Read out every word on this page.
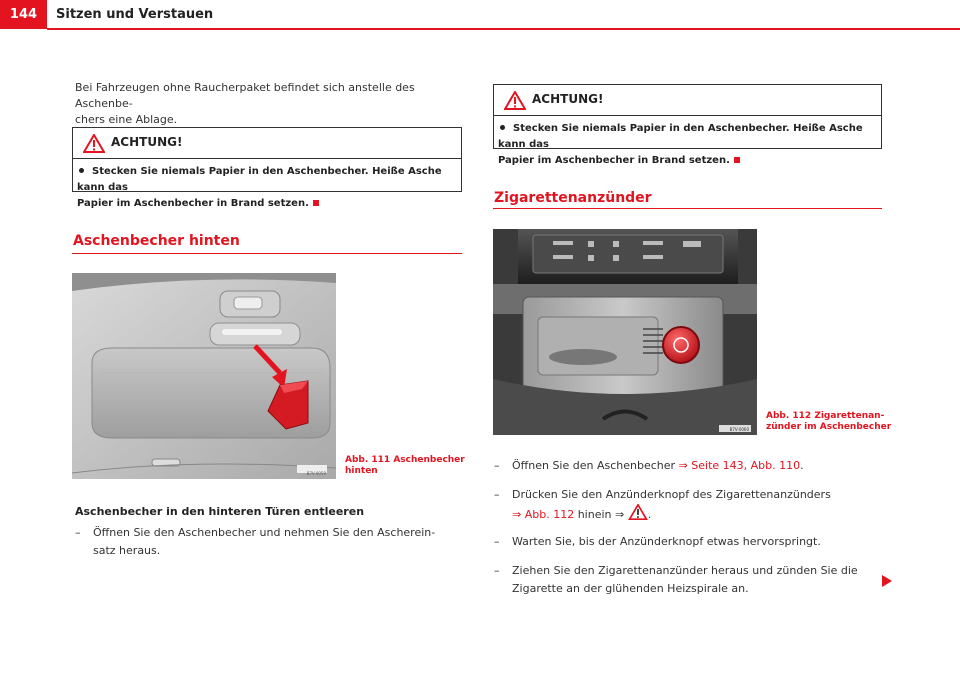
144	Sitzen und Verstauen
Bei Fahrzeugen ohne Raucherpaket befindet sich anstelle des Aschenbe-
chers eine Ablage.
ACHTUNG!
Stecken Sie niemals Papier in den Aschenbecher. Heiße Asche kann das
Papier im Aschenbecher in Brand setzen.
Aschenbecher hinten
B7V-0059
Abb. 111 Aschenbecher
hinten
Aschenbecher in den hinteren Türen entleeren
– Öffnen Sie den Aschenbecher und nehmen Sie den Ascherein-
satz heraus.
ACHTUNG!
Stecken Sie niemals Papier in den Aschenbecher. Heiße Asche kann das
Papier im Aschenbecher in Brand setzen.
Zigarettenanzünder
B7V-0060
Abb. 112 Zigarettenan-
zünder im Aschenbecher
– Öffnen Sie den Aschenbecher ⇒ Seite 143, Abb. 110.
– Drücken Sie den Anzünderknopf des Zigarettenanzünders
⇒ Abb. 112 hinein ⇒ .
– Warten Sie, bis der Anzünderknopf etwas hervorspringt.
– Ziehen Sie den Zigarettenanzünder heraus und zünden Sie die
Zigarette an der glühenden Heizspirale an.
